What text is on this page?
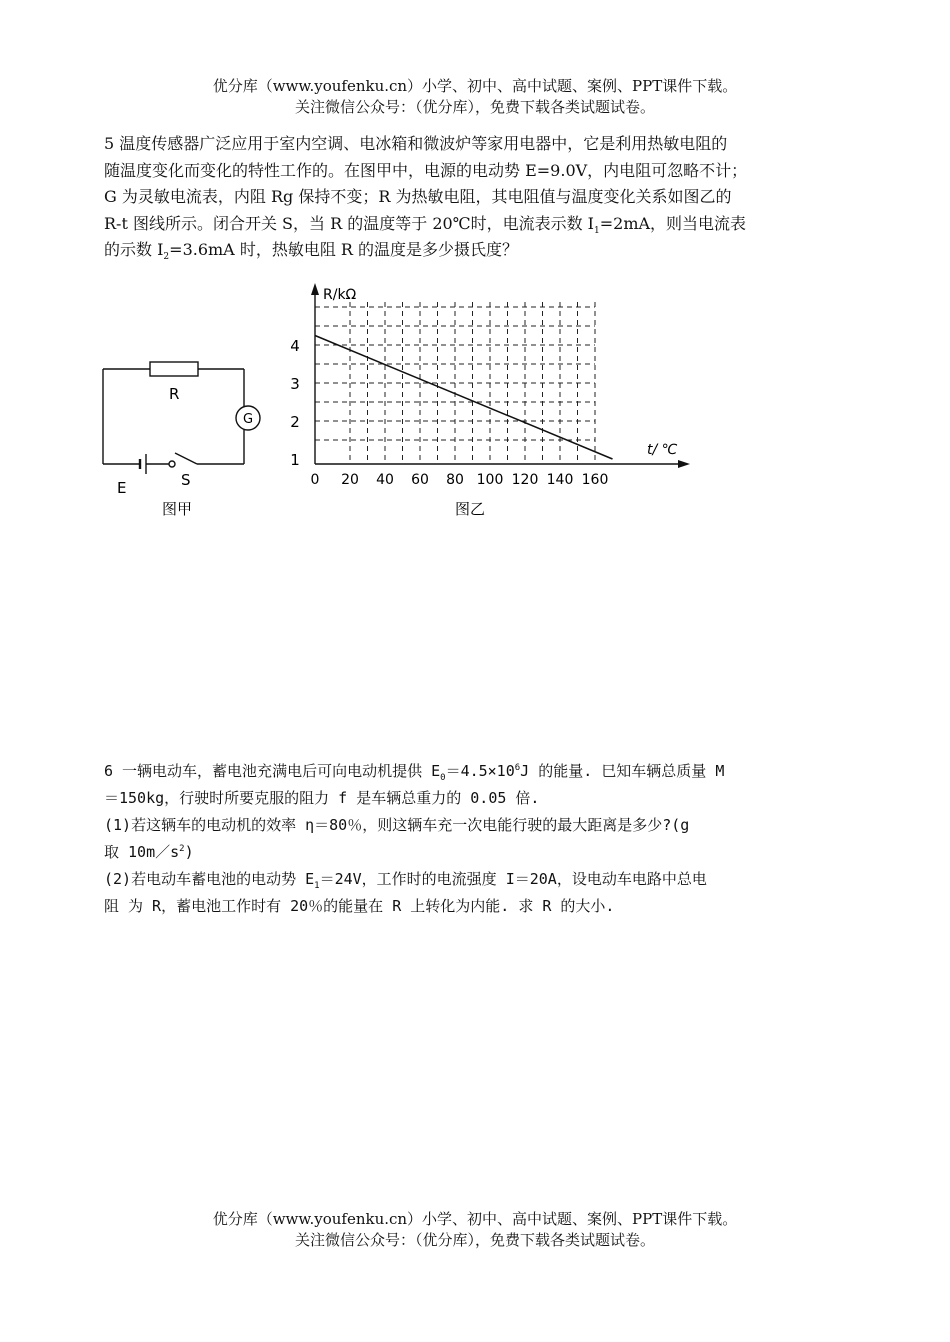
优分库（www.youfenku.cn）小学、初中、高中试题、案例、PPT课件下载。
关注微信公众号：（优分库），免费下载各类试题试卷。

5 温度传感器广泛应用于室内空调、电冰箱和微波炉等家用电器中，它是利用热敏电阻的

随温度变化而变化的特性工作的。在图甲中，电源的电动势 E=9.0V，内电阻可忽略不计；

G 为灵敏电流表，内阻 Rg 保持不变；R 为热敏电阻，其电阻值与温度变化关系如图乙的

R-t 图线所示。闭合开关 S，当 R 的温度等于 20℃时，电流表示数 $I_1=2mA$，则当电流表

的示数 $I_2=3.6mA$ 时，热敏电阻 R 的温度是多少摄氏度？

R
G
E	S
图甲
0 20 40 60 80 100 120 140 160
1
2
3
4
R/kΩ
t/ ℃
图乙

6 一辆电动车，蓄电池充满电后可向电动机提供 $E_0=4.5\times 10^6J$ 的能量. 巳知车辆总质量 M

＝150kg，行驶时所要克服的阻力 f 是车辆总重力的 0.05 倍.

(1)若这辆车的电动机的效率 η＝80％，则这辆车充一次电能行驶的最大距离是多少?(g

取 $10m/s^2$)

(2)若电动车蓄电池的电动势 $E_1=24V$，工作时的电流强度 I＝20A，设电动车电路中总电

阻 为 R，蓄电池工作时有 20％的能量在 R 上转化为内能. 求 R 的大小.

优分库（www.youfenku.cn）小学、初中、高中试题、案例、PPT课件下载。
关注微信公众号：（优分库），免费下载各类试题试卷。
